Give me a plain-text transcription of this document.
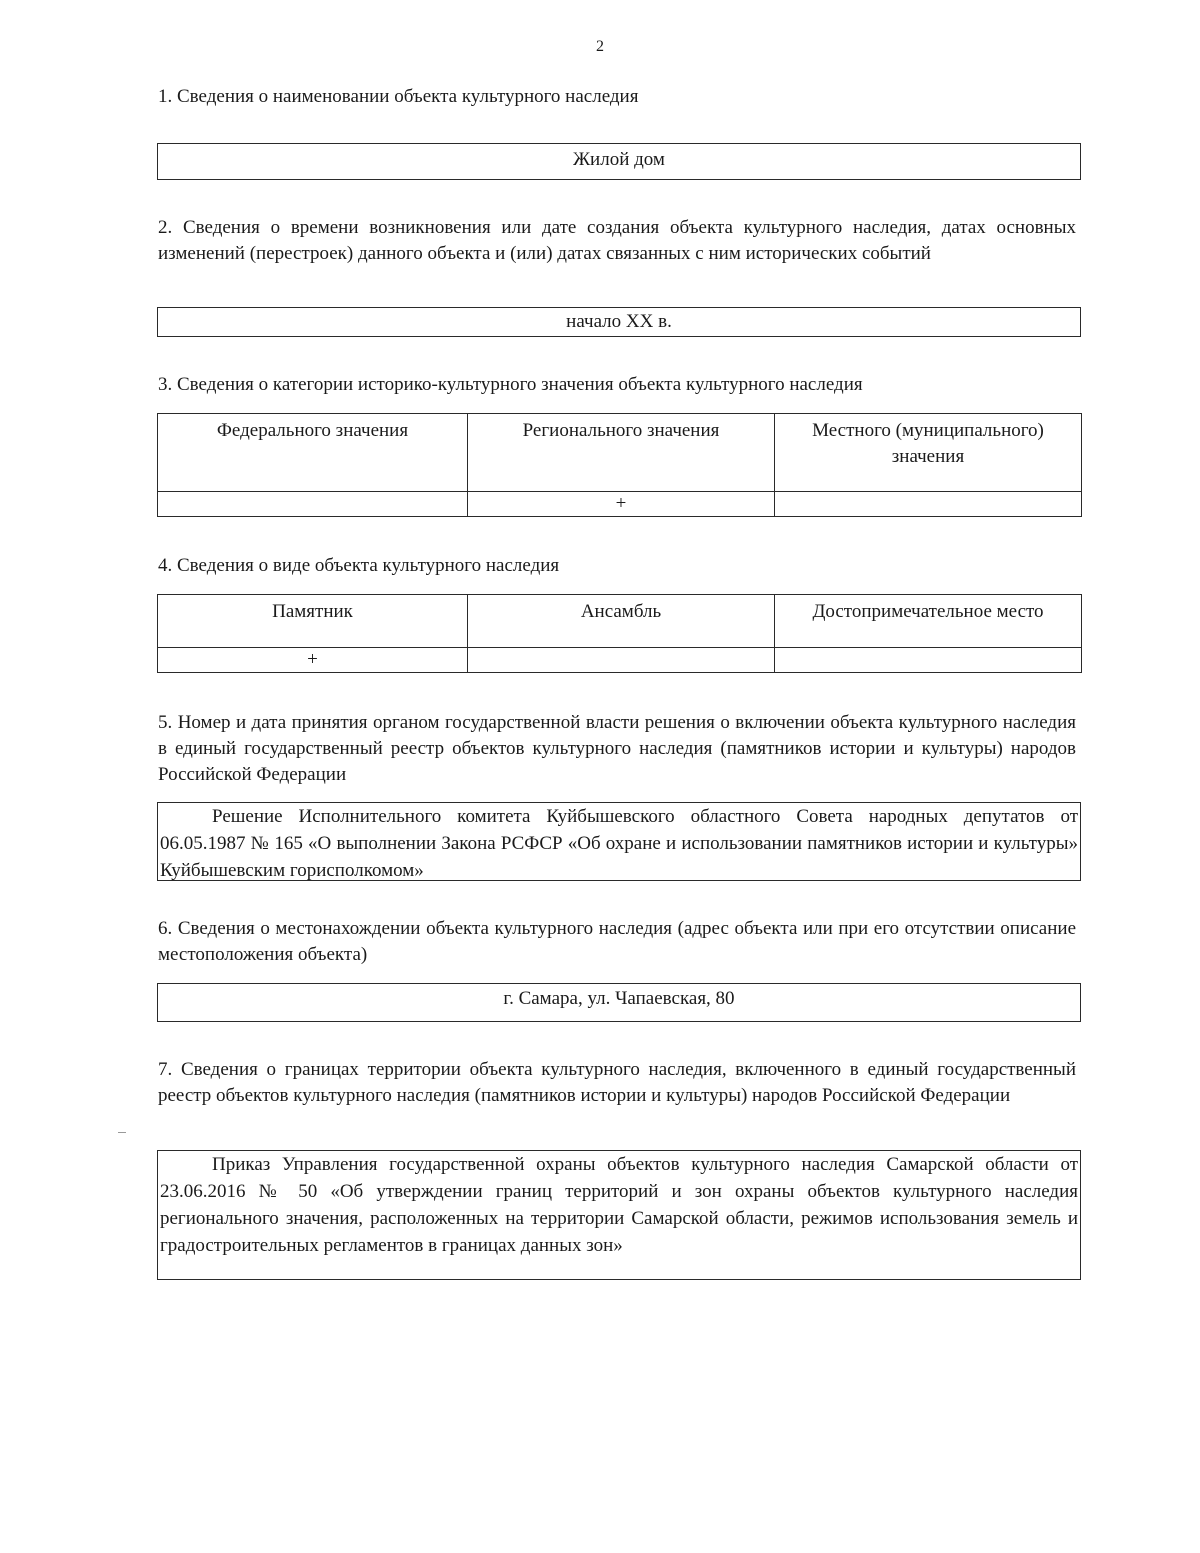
2
1. Сведения о наименовании объекта культурного наследия
Жилой дом
2. Сведения о времени возникновения или дате создания объекта культурного наследия, датах основных изменений (перестроек) данного объекта и (или) датах связанных с ним исторических событий
начало XX в.
3. Сведения о категории историко-культурного значения объекта культурного наследия
Федерального значения	Регионального значения	Местного (муниципального) значения
	+	
4. Сведения о виде объекта культурного наследия
Памятник	Ансамбль	Достопримечательное место
+		
5. Номер и дата принятия органом государственной власти решения о включении объекта культурного наследия в единый государственный реестр объектов культурного наследия (памятников истории и культуры) народов Российской Федерации
Решение Исполнительного комитета Куйбышевского областного Совета народных депутатов от 06.05.1987 № 165 «О выполнении Закона РСФСР «Об охране и использовании памятников истории и культуры» Куйбышевским горисполкомом»
6. Сведения о местонахождении объекта культурного наследия (адрес объекта или при его отсутствии описание местоположения объекта)
г. Самара, ул. Чапаевская, 80
7. Сведения о границах территории объекта культурного наследия, включенного в единый государственный реестр объектов культурного наследия (памятников истории и культуры) народов Российской Федерации
Приказ Управления государственной охраны объектов культурного наследия Самарской области от 23.06.2016 № 50 «Об утверждении границ территорий и зон охраны объектов культурного наследия регионального значения, расположенных на территории Самарской области, режимов использования земель и градостроительных регламентов в границах данных зон»
